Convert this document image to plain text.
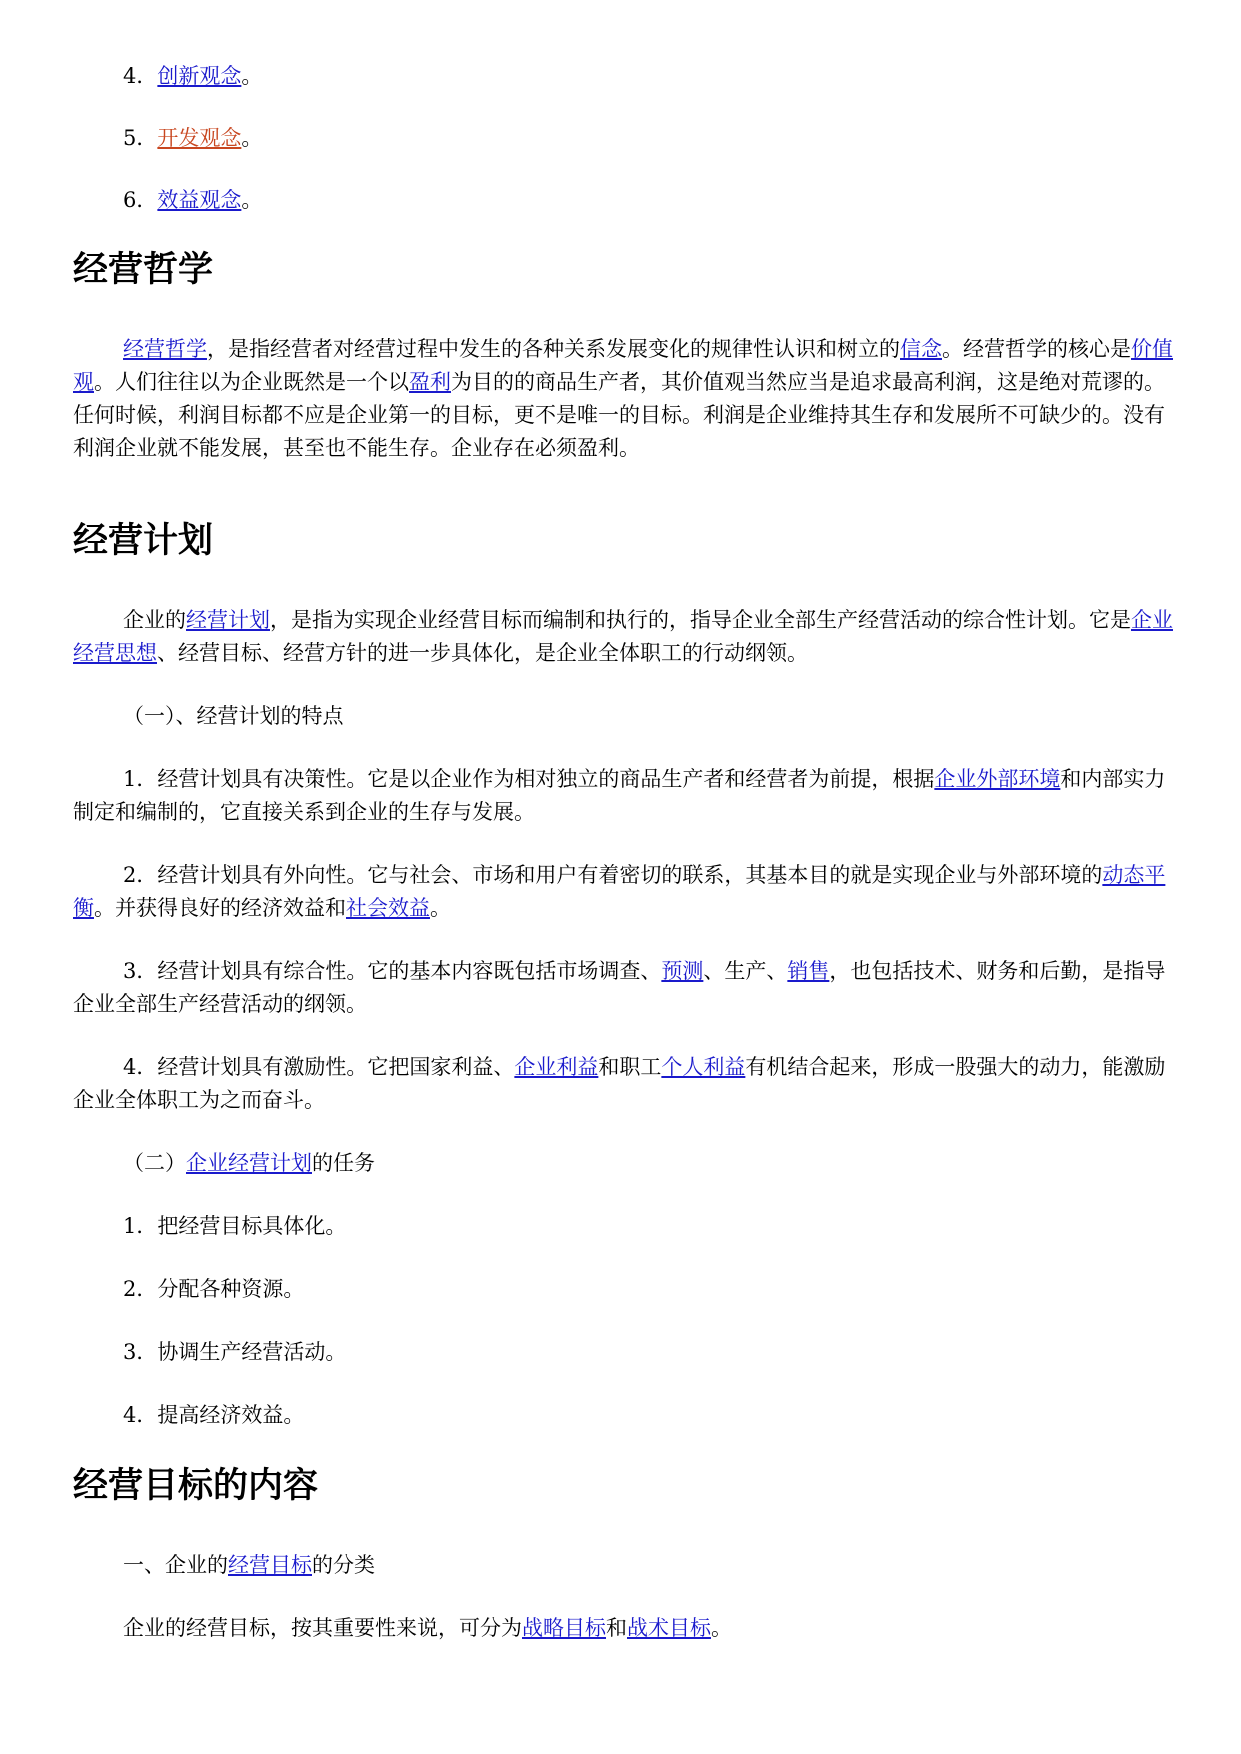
4．创新观念。

5．开发观念。

6．效益观念。

经营哲学

经营哲学，是指经营者对经营过程中发生的各种关系发展变化的规律性认识和树立的信念。经营哲学的核心是价值观。人们往往以为企业既然是一个以盈利为目的的商品生产者，其价值观当然应当是追求最高利润，这是绝对荒谬的。任何时候，利润目标都不应是企业第一的目标，更不是唯一的目标。利润是企业维持其生存和发展所不可缺少的。没有利润企业就不能发展，甚至也不能生存。企业存在必须盈利。

经营计划

企业的经营计划，是指为实现企业经营目标而编制和执行的，指导企业全部生产经营活动的综合性计划。它是企业经营思想、经营目标、经营方针的进一步具体化，是企业全体职工的行动纲领。

（一）、经营计划的特点

1．经营计划具有决策性。它是以企业作为相对独立的商品生产者和经营者为前提，根据企业外部环境和内部实力制定和编制的，它直接关系到企业的生存与发展。

2．经营计划具有外向性。它与社会、市场和用户有着密切的联系，其基本目的就是实现企业与外部环境的动态平衡。并获得良好的经济效益和社会效益。

3．经营计划具有综合性。它的基本内容既包括市场调查、预测、生产、销售，也包括技术、财务和后勤，是指导企业全部生产经营活动的纲领。

4．经营计划具有激励性。它把国家利益、企业利益和职工个人利益有机结合起来，形成一股强大的动力，能激励企业全体职工为之而奋斗。

（二）企业经营计划的任务

1．把经营目标具体化。

2．分配各种资源。

3．协调生产经营活动。

4．提高经济效益。

经营目标的内容

一、企业的经营目标的分类

企业的经营目标，按其重要性来说，可分为战略目标和战术目标。
